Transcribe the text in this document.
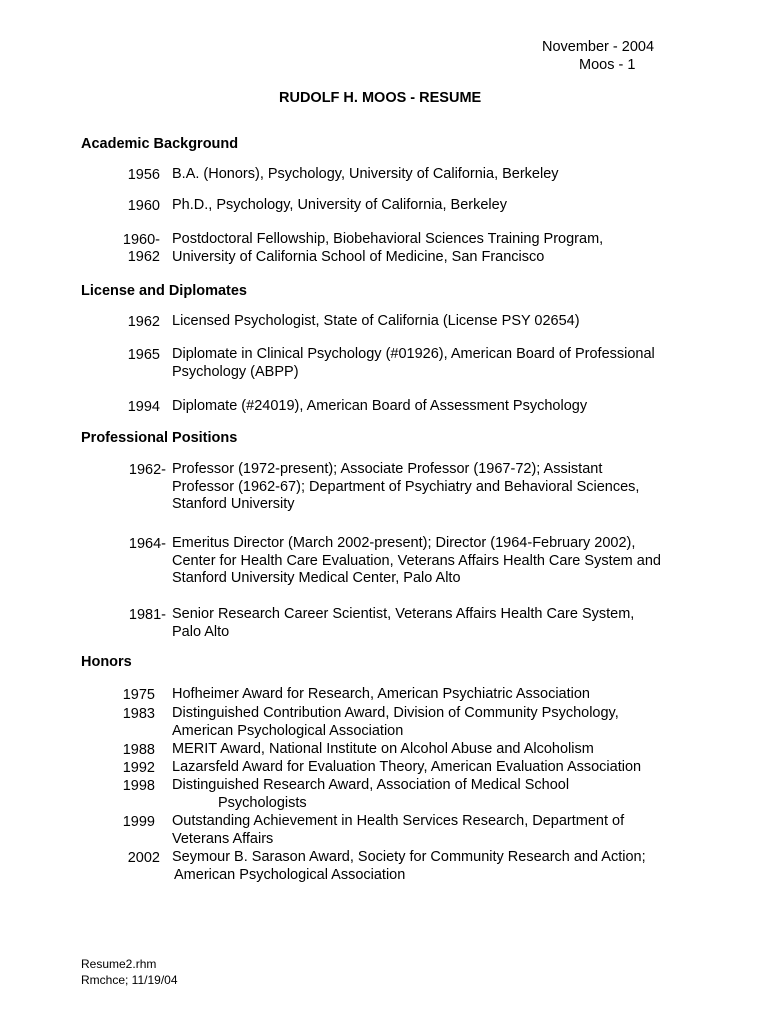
November - 2004
Moos - 1
RUDOLF H. MOOS - RESUME
Academic Background
1956 B.A. (Honors), Psychology, University of California, Berkeley
1960 Ph.D., Psychology, University of California, Berkeley
1960-
1962
Postdoctoral Fellowship, Biobehavioral Sciences Training Program,
University of California School of Medicine, San Francisco
License and Diplomates
1962 Licensed Psychologist, State of California (License PSY 02654)
1965 Diplomate in Clinical Psychology (#01926), American Board of Professional
Psychology (ABPP)
1994 Diplomate (#24019), American Board of Assessment Psychology
Professional Positions
1962- Professor (1972-present); Associate Professor (1967-72); Assistant
Professor (1962-67); Department of Psychiatry and Behavioral Sciences,
Stanford University
1964- Emeritus Director (March 2002-present); Director (1964-February 2002),
Center for Health Care Evaluation, Veterans Affairs Health Care System and
Stanford University Medical Center, Palo Alto
1981- Senior Research Career Scientist, Veterans Affairs Health Care System,
Palo Alto
Honors
1975 Hofheimer Award for Research, American Psychiatric Association
1983 Distinguished Contribution Award, Division of Community Psychology,
American Psychological Association
1988 MERIT Award, National Institute on Alcohol Abuse and Alcoholism
1992 Lazarsfeld Award for Evaluation Theory, American Evaluation Association
1998 Distinguished Research Award, Association of Medical School
Psychologists
1999 Outstanding Achievement in Health Services Research, Department of
Veterans Affairs
2002 Seymour B. Sarason Award, Society for Community Research and Action;
American Psychological Association
Resume2.rhm
Rmchce; 11/19/04
